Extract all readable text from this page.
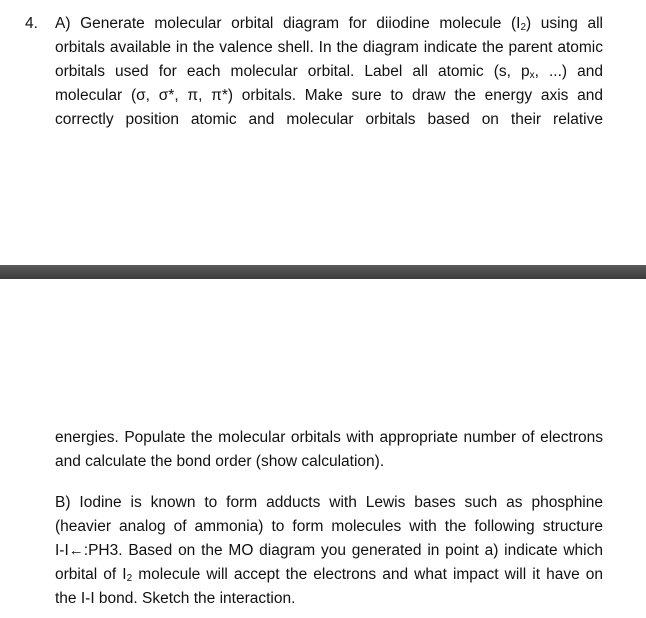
4. A) Generate molecular orbital diagram for diiodine molecule $(I_2)$ using all
orbitals available in the valence shell. In the diagram indicate the parent atomic
orbitals used for each molecular orbital. Label all atomic (s, $p_x$, ...) and
molecular (σ, σ*, π, π*) orbitals. Make sure to draw the energy axis and
correctly position atomic and molecular orbitals based on their relative
energies. Populate the molecular orbitals with appropriate number of electrons
and calculate the bond order (show calculation).
B) Iodine is known to form adducts with Lewis bases such as phosphine
(heavier analog of ammonia) to form molecules with the following structure
I-I←:PH3. Based on the MO diagram you generated in point a) indicate which
orbital of $I_2$ molecule will accept the electrons and what impact will it have on
the I-I bond. Sketch the interaction.
